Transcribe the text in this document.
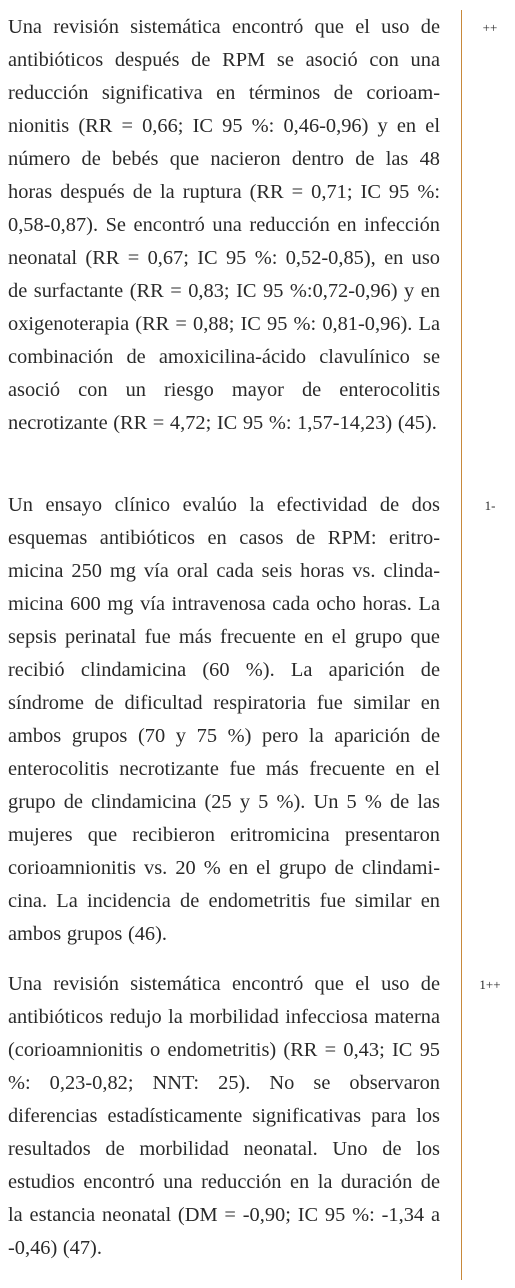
Una revisión sistemática encontró que el uso de antibióticos después de RPM se asoció con una reducción significativa en términos de corioamnionitis (RR = 0,66; IC 95 %: 0,46-0,96) y en el número de bebés que nacieron dentro de las 48 horas después de la ruptura (RR = 0,71; IC 95 %: 0,58-0,87). Se encontró una reducción en infección neonatal (RR = 0,67; IC 95 %: 0,52-0,85), en uso de surfactante (RR = 0,83; IC 95 %:0,72-0,96) y en oxigenoterapia (RR = 0,88; IC 95 %: 0,81-0,96). La combinación de amoxicilina-ácido clavulínico se asoció con un riesgo mayor de enterocolitis necrotizante (RR = 4,72; IC 95 %: 1,57-14,23) (45).

++

Un ensayo clínico evalúo la efectividad de dos esquemas antibióticos en casos de RPM: eritromicina 250 mg vía oral cada seis horas vs. clindamicina 600 mg vía intravenosa cada ocho horas. La sepsis perinatal fue más frecuente en el grupo que recibió clindamicina (60 %). La aparición de síndrome de dificultad respiratoria fue similar en ambos grupos (70 y 75 %) pero la aparición de enterocolitis necrotizante fue más frecuente en el grupo de clindamicina (25 y 5 %). Un 5 % de las mujeres que recibieron eritromicina presentaron corioamnionitis vs. 20 % en el grupo de clindamicina. La incidencia de endometritis fue similar en ambos grupos (46).

1-

Una revisión sistemática encontró que el uso de antibióticos redujo la morbilidad infecciosa materna (corioamnionitis o endometritis) (RR = 0,43; IC 95 %: 0,23-0,82; NNT: 25). No se observaron diferencias estadísticamente significativas para los resultados de morbilidad neonatal. Uno de los estudios encontró una reducción en la duración de la estancia neonatal (DM = -0,90; IC 95 %: -1,34 a -0,46) (47).

1++
